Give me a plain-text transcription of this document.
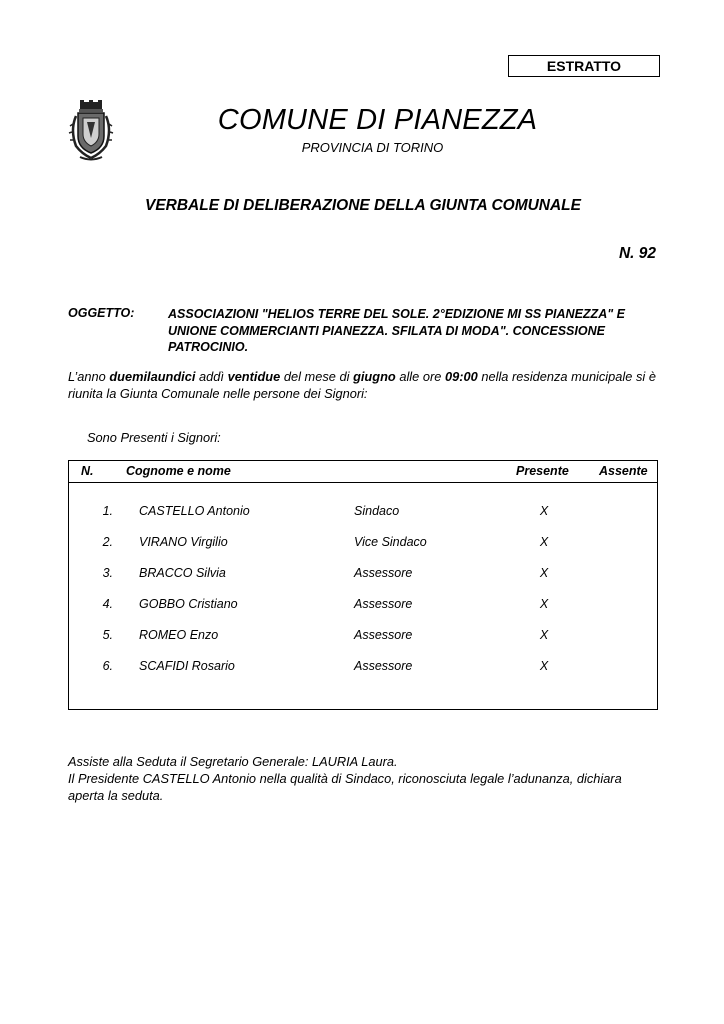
ESTRATTO
COMUNE DI PIANEZZA
PROVINCIA DI TORINO
VERBALE DI DELIBERAZIONE DELLA GIUNTA COMUNALE
N. 92
OGGETTO:	ASSOCIAZIONI "HELIOS TERRE DEL SOLE. 2°EDIZIONE MI SS PIANEZZA" E UNIONE COMMERCIANTI PIANEZZA. SFILATA DI MODA". CONCESSIONE PATROCINIO.
L’anno duemilaundici addì ventidue del mese di giugno alle ore 09:00 nella residenza municipale si è riunita la Giunta Comunale nelle persone dei Signori:
Sono Presenti i Signori:
N.	Cognome e nome	Presente Assente
1. CASTELLO Antonio	Sindaco	X
2. VIRANO Virgilio	Vice Sindaco	X
3. BRACCO Silvia	Assessore	X
4. GOBBO Cristiano	Assessore	X
5. ROMEO Enzo	Assessore	X
6. SCAFIDI Rosario	Assessore	X
Assiste alla Seduta il Segretario Generale: LAURIA Laura.
Il Presidente CASTELLO Antonio nella qualità di Sindaco, riconosciuta legale l’adunanza, dichiara aperta la seduta.
